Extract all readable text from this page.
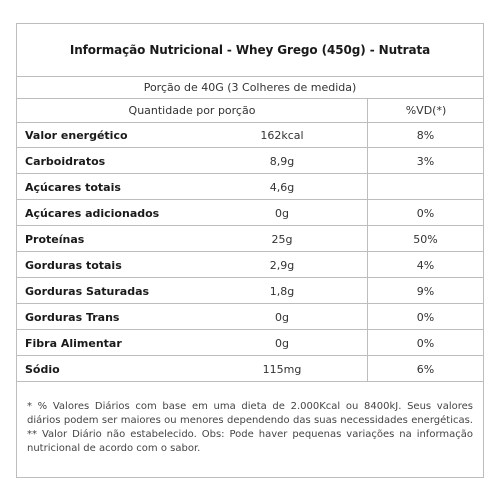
Informação Nutricional - Whey Grego (450g) - Nutrata
Porção de 40G (3 Colheres de medida)
Quantidade por porção	%VD(*)
Valor energético	162kcal	8%
Carboidratos	8,9g	3%
Açúcares totais	4,6g
Açúcares adicionados	0g	0%
Proteínas	25g	50%
Gorduras totais	2,9g	4%
Gorduras Saturadas	1,8g	9%
Gorduras Trans	0g	0%
Fibra Alimentar	0g	0%
Sódio	115mg	6%
* % Valores Diários com base em uma dieta de 2.000Kcal ou 8400kJ. Seus valores diários podem ser maiores ou menores dependendo das suas necessidades energéticas. ** Valor Diário não estabelecido. Obs: Pode haver pequenas variações na informação nutricional de acordo com o sabor.
